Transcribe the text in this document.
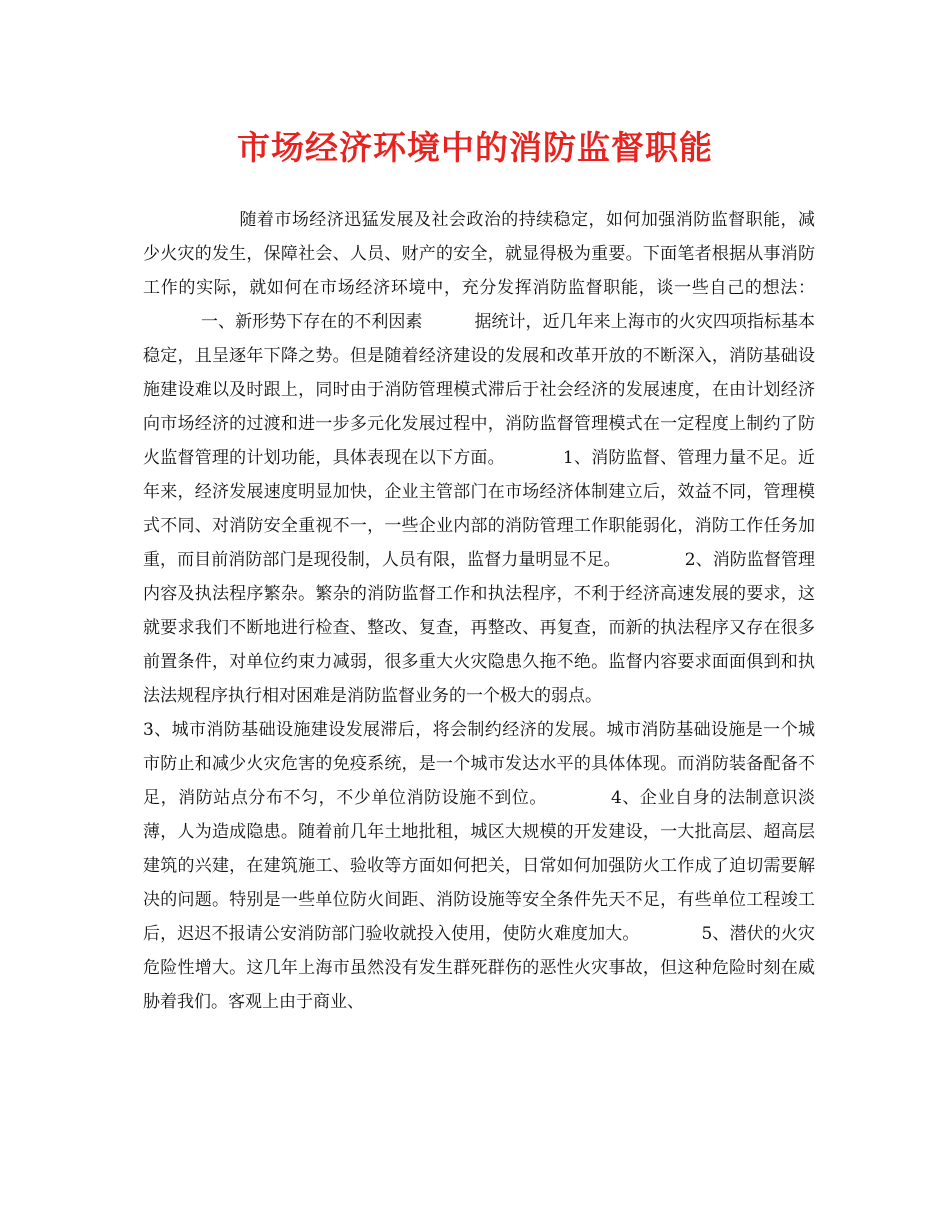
市场经济环境中的消防监督职能

随着市场经济迅猛发展及社会政治的持续稳定，如何加强消防监督职能，减少火灾的发生，保障社会、人员、财产的安全，就显得极为重要。下面笔者根据从事消防工作的实际，就如何在市场经济环境中，充分发挥消防监督职能，谈一些自己的想法：一、新形势下存在的不利因素	据统计，近几年来上海市的火灾四项指标基本稳定，且呈逐年下降之势。但是随着经济建设的发展和改革开放的不断深入，消防基础设施建设难以及时跟上，同时由于消防管理模式滞后于社会经济的发展速度，在由计划经济向市场经济的过渡和进一步多元化发展过程中，消防监督管理模式在一定程度上制约了防火监督管理的计划功能，具体表现在以下方面。	1、消防监督、管理力量不足。近年来，经济发展速度明显加快，企业主管部门在市场经济体制建立后，效益不同，管理模式不同、对消防安全重视不一，一些企业内部的消防管理工作职能弱化，消防工作任务加重，而目前消防部门是现役制，人员有限，监督力量明显不足。	2、消防监督管理内容及执法程序繁杂。繁杂的消防监督工作和执法程序，不利于经济高速发展的要求，这就要求我们不断地进行检查、整改、复查，再整改、再复查，而新的执法程序又存在很多前置条件，对单位约束力减弱，很多重大火灾隐患久拖不绝。监督内容要求面面俱到和执法法规程序执行相对困难是消防监督业务的一个极大的弱点。

3、城市消防基础设施建设发展滞后，将会制约经济的发展。城市消防基础设施是一个城市防止和减少火灾危害的免疫系统，是一个城市发达水平的具体体现。而消防装备配备不足，消防站点分布不匀，不少单位消防设施不到位。	4、企业自身的法制意识淡薄，人为造成隐患。随着前几年土地批租，城区大规模的开发建设，一大批高层、超高层建筑的兴建，在建筑施工、验收等方面如何把关，日常如何加强防火工作成了迫切需要解决的问题。特别是一些单位防火间距、消防设施等安全条件先天不足，有些单位工程竣工后，迟迟不报请公安消防部门验收就投入使用，使防火难度加大。	5、潜伏的火灾危险性增大。这几年上海市虽然没有发生群死群伤的恶性火灾事故，但这种危险时刻在威胁着我们。客观上由于商业、
